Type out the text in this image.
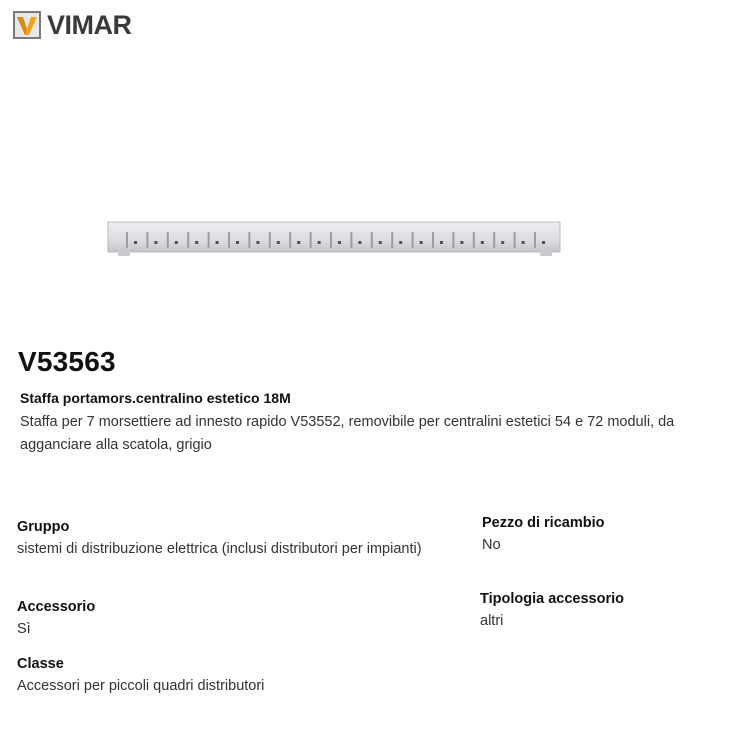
VIMAR
V53563
Staffa portamors.centralino estetico 18M
Staffa per 7 morsettiere ad innesto rapido V53552, removibile per centralini estetici 54 e 72 moduli, da agganciare alla scatola, grigio
Gruppo
sistemi di distribuzione elettrica (inclusi distributori per impianti)
Accessorio
Sì
Classe
Accessori per piccoli quadri distributori
Pezzo di ricambio
No
Tipologia accessorio
altri
